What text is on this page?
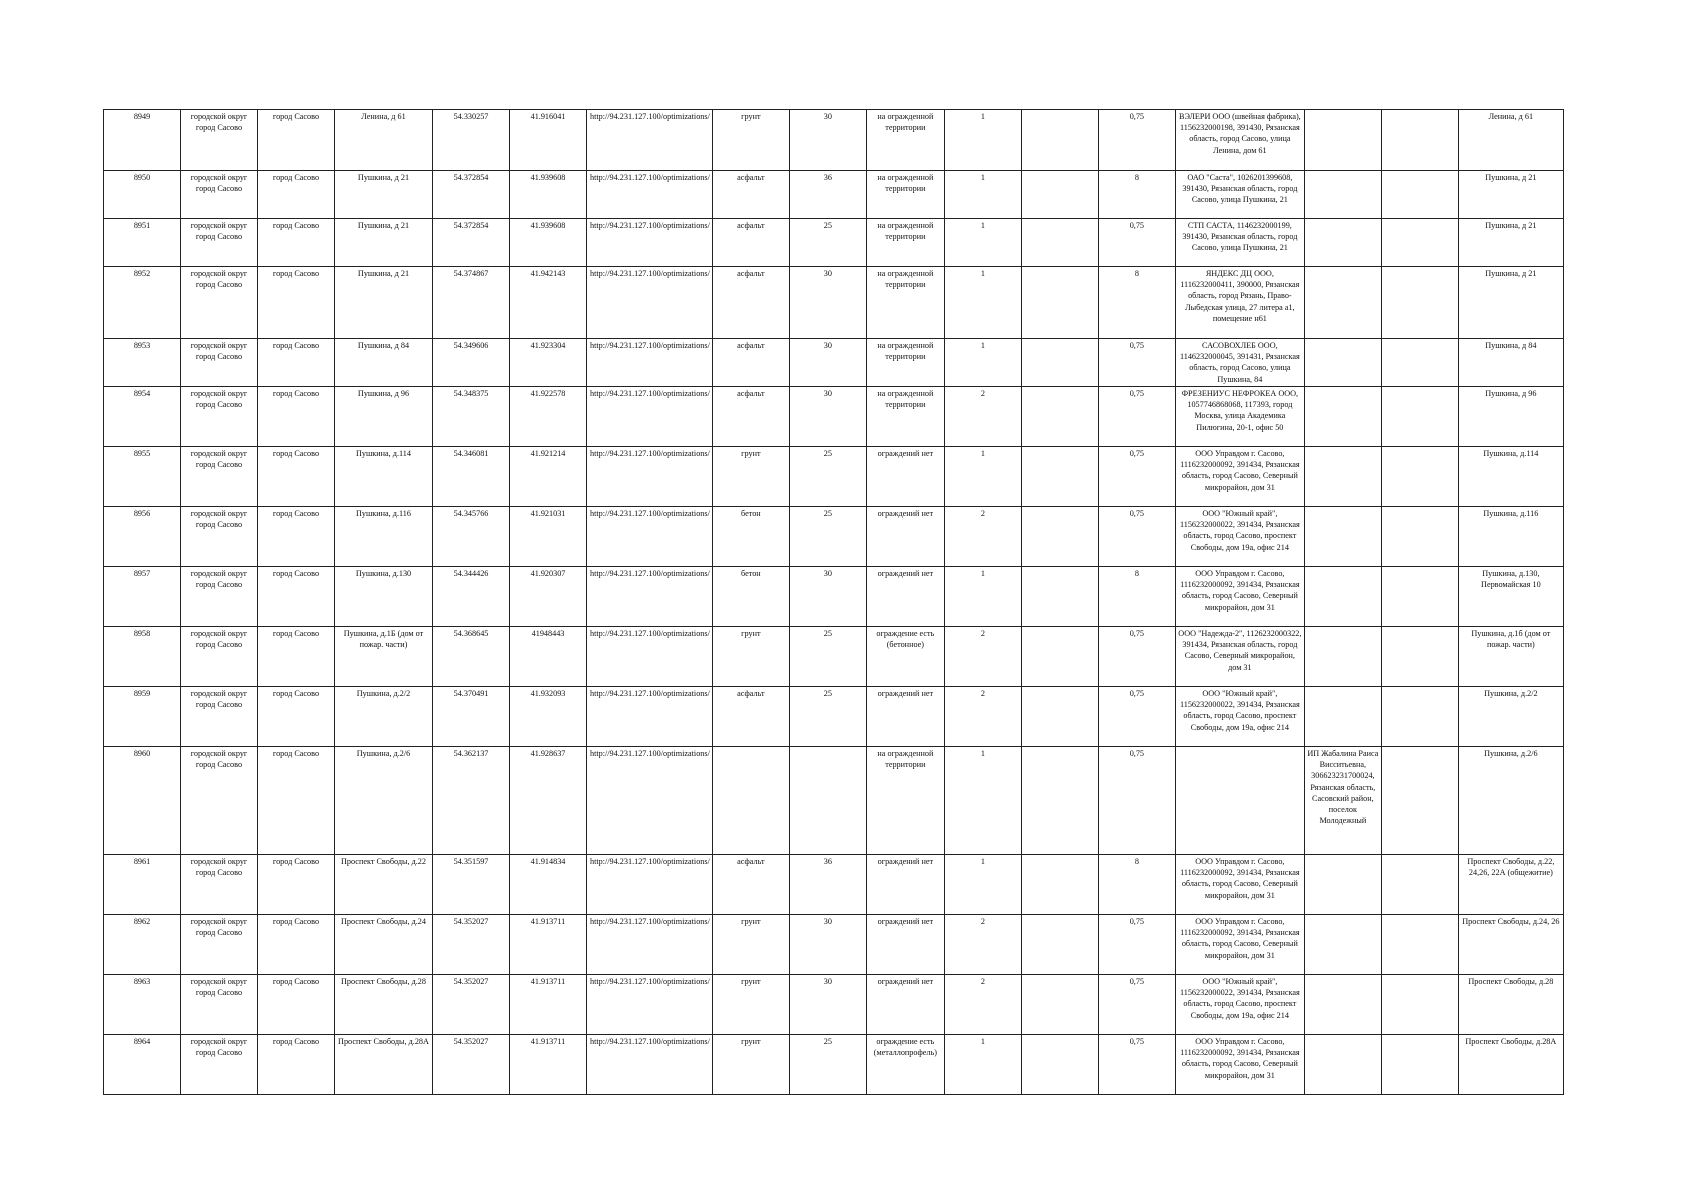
8949	городской округ город Сасово	город Сасово	Ленина, д 61	54.330257	41.916041	http://94.231.127.100/optimizations/	грунт	30	на огражденной территории	1		0,75	ВЭЛЕРИ ООО (швейная фабрика), 1156232000198, 391430, Рязанская область, город Сасово, улица Ленина, дом 61			Ленина, д 61
8950	городской округ город Сасово	город Сасово	Пушкина, д 21	54.372854	41.939608	http://94.231.127.100/optimizations/	асфальт	36	на огражденной территории	1		8	ОАО "Саста", 1026201399608, 391430, Рязанская область, город Сасово, улица Пушкина, 21			Пушкина, д 21
8951	городской округ город Сасово	город Сасово	Пушкина, д 21	54.372854	41.939608	http://94.231.127.100/optimizations/	асфальт	25	на огражденной территории	1		0,75	СТП САСТА, 1146232000199, 391430, Рязанская область, город Сасово, улица Пушкина, 21			Пушкина, д 21
8952	городской округ город Сасово	город Сасово	Пушкина, д 21	54.374867	41.942143	http://94.231.127.100/optimizations/	асфальт	30	на огражденной территории	1		8	ЯНДЕКС ДЦ ООО, 1116232000411, 390000, Рязанская область, город Рязань, Право-Лыбедская улица, 27 литера а1, помещение н61			Пушкина, д 21
8953	городской округ город Сасово	город Сасово	Пушкина, д 84	54.349606	41.923304	http://94.231.127.100/optimizations/	асфальт	30	на огражденной территории	1		0,75	САСОВОХЛЕБ ООО, 1146232000045, 391431, Рязанская область, город Сасово, улица Пушкина, 84			Пушкина, д 84
8954	городской округ город Сасово	город Сасово	Пушкина, д 96	54.348375	41.922578	http://94.231.127.100/optimizations/	асфальт	30	на огражденной территории	2		0,75	ФРЕЗЕНИУС НЕФРОКЕА ООО, 1057746868068, 117393, город Москва, улица Академика Пилюгина, 20-1, офис 50			Пушкина, д 96
8955	городской округ город Сасово	город Сасово	Пушкина, д.114	54.346081	41.921214	http://94.231.127.100/optimizations/	грунт	25	ограждений нет	1		0,75	ООО Управдом г. Сасово, 1116232000092, 391434, Рязанская область, город Сасово, Северный микрорайон, дом 31			Пушкина, д.114
8956	городской округ город Сасово	город Сасово	Пушкина, д.116	54.345766	41.921031	http://94.231.127.100/optimizations/	бетон	25	ограждений нет	2		0,75	ООО "Южный край", 1156232000022, 391434, Рязанская область, город Сасово, проспект Свободы, дом 19а, офис 214			Пушкина, д.116
8957	городской округ город Сасово	город Сасово	Пушкина, д.130	54.344426	41.920307	http://94.231.127.100/optimizations/	бетон	30	ограждений нет	1		8	ООО Управдом г. Сасово, 1116232000092, 391434, Рязанская область, город Сасово, Северный микрорайон, дом 31			Пушкина, д.130, Первомайская 10
8958	городской округ город Сасово	город Сасово	Пушкина, д.1Б (дом от пожар. части)	54.368645	41948443	http://94.231.127.100/optimizations/	грунт	25	ограждение есть (бетонное)	2		0,75	ООО "Надежда-2", 1126232000322, 391434, Рязанская область, город Сасово, Северный микрорайон, дом 31			Пушкина, д.1б (дом от пожар. части)
8959	городской округ город Сасово	город Сасово	Пушкина, д.2/2	54.370491	41.932093	http://94.231.127.100/optimizations/	асфальт	25	ограждений нет	2		0,75	ООО "Южный край", 1156232000022, 391434, Рязанская область, город Сасово, проспект Свободы, дом 19а, офис 214			Пушкина, д.2/2
8960	городской округ город Сасово	город Сасово	Пушкина, д.2/6	54.362137	41.928637	http://94.231.127.100/optimizations/			на огражденной территории	1		0,75		ИП Жабалина Раиса Висситьевна, 306623231700024, Рязанская область, Сасовский район, поселок Молодежный		Пушкина, д.2/6
8961	городской округ город Сасово	город Сасово	Проспект Свободы, д.22	54.351597	41.914834	http://94.231.127.100/optimizations/	асфальт	36	ограждений нет	1		8	ООО Управдом г. Сасово, 1116232000092, 391434, Рязанская область, город Сасово, Северный микрорайон, дом 31			Проспект Свободы, д.22, 24,26, 22А (общежитие)
8962	городской округ город Сасово	город Сасово	Проспект Свободы, д.24	54.352027	41.913711	http://94.231.127.100/optimizations/	грунт	30	ограждений нет	2		0,75	ООО Управдом г. Сасово, 1116232000092, 391434, Рязанская область, город Сасово, Северный микрорайон, дом 31			Проспект Свободы, д.24, 26
8963	городской округ город Сасово	город Сасово	Проспект Свободы, д.28	54.352027	41.913711	http://94.231.127.100/optimizations/	грунт	30	ограждений нет	2		0,75	ООО "Южный край", 1156232000022, 391434, Рязанская область, город Сасово, проспект Свободы, дом 19а, офис 214			Проспект Свободы, д.28
8964	городской округ город Сасово	город Сасово	Проспект Свободы, д.28А	54.352027	41.913711	http://94.231.127.100/optimizations/	грунт	25	ограждение есть (металлопрофель)	1		0,75	ООО Управдом г. Сасово, 1116232000092, 391434, Рязанская область, город Сасово, Северный микрорайон, дом 31			Проспект Свободы, д.28А
